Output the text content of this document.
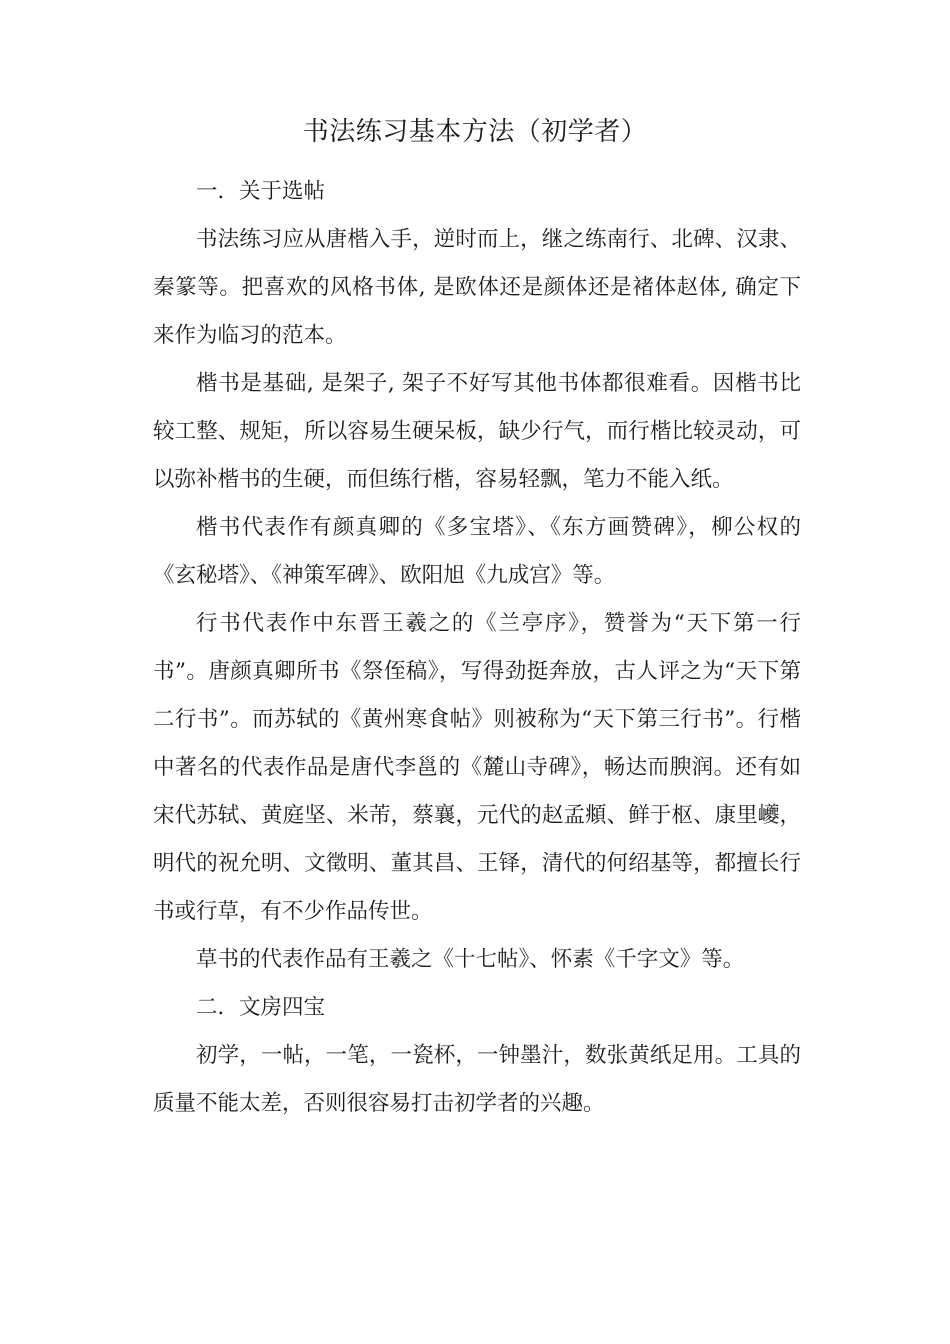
书法练习基本方法（初学者）
一．关于选帖

书法练习应从唐楷入手，逆时而上，继之练南行、北碑、汉隶、秦篆等。把喜欢的风格书体, 是欧体还是颜体还是褚体赵体, 确定下来作为临习的范本。

楷书是基础, 是架子, 架子不好写其他书体都很难看。因楷书比较工整、规矩，所以容易生硬呆板，缺少行气，而行楷比较灵动，可以弥补楷书的生硬，而但练行楷，容易轻飘，笔力不能入纸。

楷书代表作有颜真卿的《多宝塔》、《东方画赞碑》，柳公权的《玄秘塔》、《神策军碑》、欧阳旭《九成宫》等。

行书代表作中东晋王羲之的《兰亭序》，赞誉为“天下第一行书”。唐颜真卿所书《祭侄稿》，写得劲挺奔放，古人评之为“天下第二行书”。而苏轼的《黄州寒食帖》则被称为“天下第三行书”。行楷中著名的代表作品是唐代李邕的《麓山寺碑》，畅达而腴润。还有如宋代苏轼、黄庭坚、米芾，蔡襄，元代的赵孟頫、鲜于枢、康里巙，明代的祝允明、文徵明、董其昌、王铎，清代的何绍基等，都擅长行书或行草，有不少作品传世。

草书的代表作品有王羲之《十七帖》、怀素《千字文》等。

二．文房四宝

初学，一帖，一笔，一瓷杯，一钟墨汁，数张黄纸足用。工具的质量不能太差，否则很容易打击初学者的兴趣。
